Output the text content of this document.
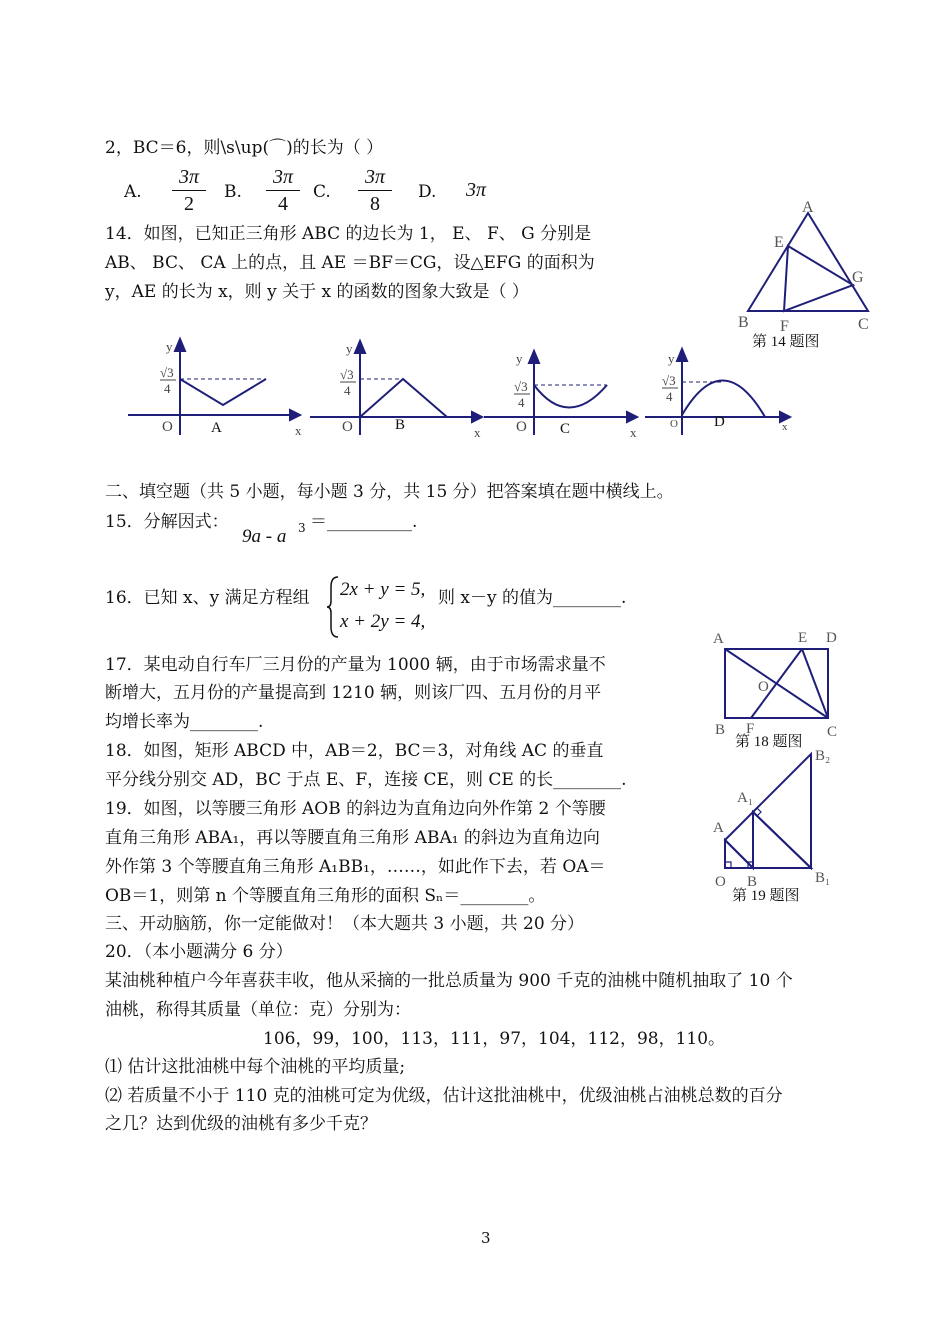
2，BC＝6，则\s\up(⌒)的长为（ ）
A.
3π
2
B.
3π
4
C.
3π
8
D. 3π
14．如图，已知正三角形 ABC 的边长为 1， E、 F、 G 分别是
AB、 BC、 CA 上的点，且 AE ＝BF＝CG，设△EFG 的面积为
y，AE 的长为 x，则 y 关于 x 的函数的图象大致是（ ）
A
E
G
B F	C
第 14 题图
y
√3
4
O	x
A
y
√3
4
O	x
B
y
√3
4
O	x
C
y
√3
4
O	x
D
二、填空题（共 5 小题，每小题 3 分，共 15 分）把答案填在题中横线上。
15．分解因式：
9a - a 3 ＝__________.
16．已知 x、y 满足方程组 2x + y = 5,
x + 2y = 4,
则 x－y 的值为________.
17．某电动自行车厂三月份的产量为 1000 辆，由于市场需求量不
断增大，五月份的产量提高到 1210 辆，则该厂四、五月份的月平
均增长率为________.
A	E D
O
B F	C
第 18 题图
18．如图，矩形 ABCD 中，AB＝2，BC＝3，对角线 AC 的垂直
平分线分别交 AD，BC 于点 E、F，连接 CE，则 CE 的长________.
19．如图，以等腰三角形 AOB 的斜边为直角边向外作第 2 个等腰
直角三角形 ABA₁，再以等腰直角三角形 ABA₁ 的斜边为直角边向
外作第 3 个等腰直角三角形 A₁BB₁，……，如此作下去，若 OA＝
OB＝1，则第 n 个等腰直角三角形的面积 Sₙ＝________。
A
A₁
B₂
O B	B₁
第 19 题图
三、开动脑筋，你一定能做对！（本大题共 3 小题，共 20 分）
20．（本小题满分 6 分）
某油桃种植户今年喜获丰收，他从采摘的一批总质量为 900 千克的油桃中随机抽取了 10 个
油桃，称得其质量（单位：克）分别为：
106，99，100，113，111，97，104，112，98，110。
⑴ 估计这批油桃中每个油桃的平均质量;
⑵ 若质量不小于 110 克的油桃可定为优级，估计这批油桃中，优级油桃占油桃总数的百分
之几？达到优级的油桃有多少千克？
3
